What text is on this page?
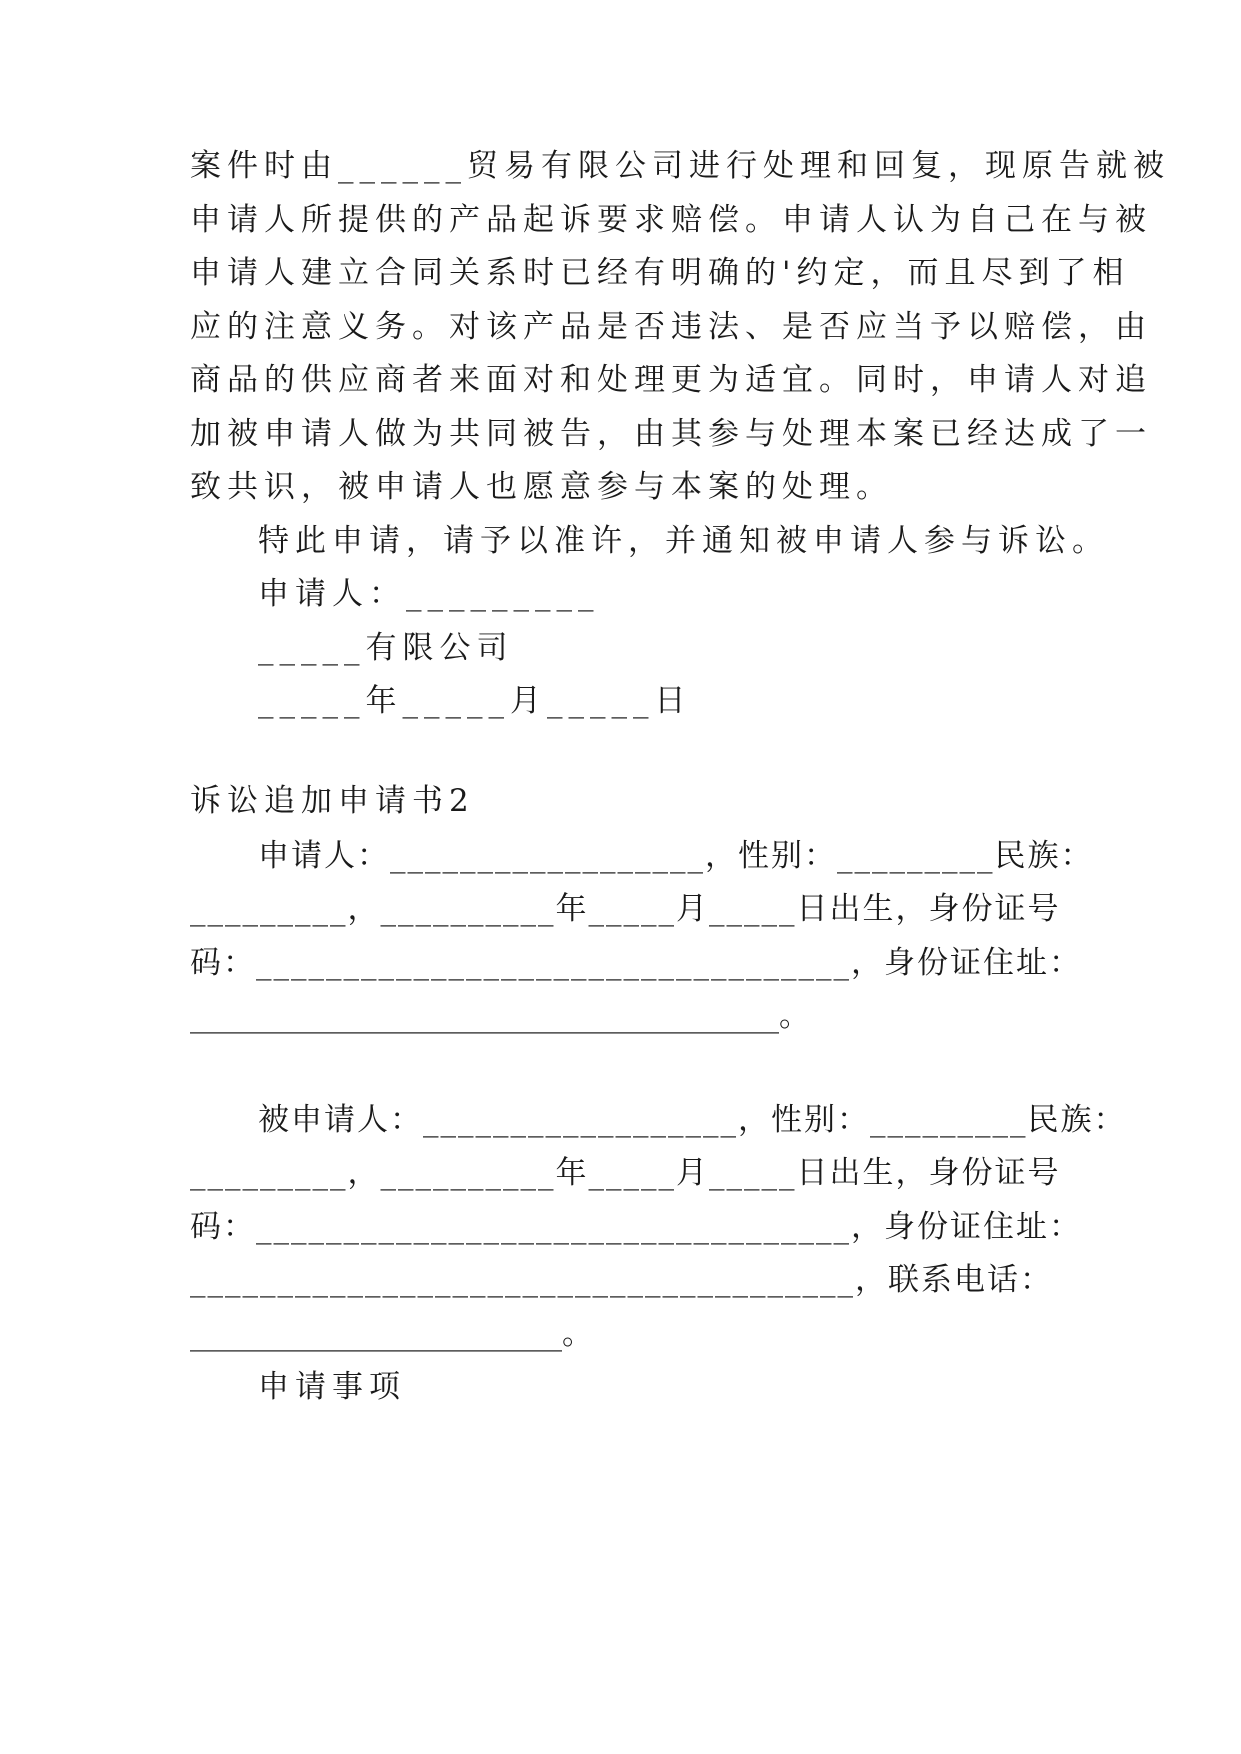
案件时由______贸易有限公司进行处理和回复，现原告就被
申请人所提供的产品起诉要求赔偿。申请人认为自己在与被
申请人建立合同关系时已经有明确的'约定，而且尽到了相
应的注意义务。对该产品是否违法、是否应当予以赔偿，由
商品的供应商者来面对和处理更为适宜。同时，申请人对追
加被申请人做为共同被告，由其参与处理本案已经达成了一
致共识，被申请人也愿意参与本案的处理。
特此申请，请予以准许，并通知被申请人参与诉讼。
申请人：_________
_____有限公司
_____年_____月_____日
诉讼追加申请书2
申请人：__________________，性别：_________民族：
_________，__________年_____月_____日出生，身份证号
码：__________________________________，身份证住址：
______________________________________。
被申请人：__________________，性别：_________民族：
_________，__________年_____月_____日出生，身份证号
码：__________________________________，身份证住址：
______________________________________，联系电话：
________________________。
申请事项
